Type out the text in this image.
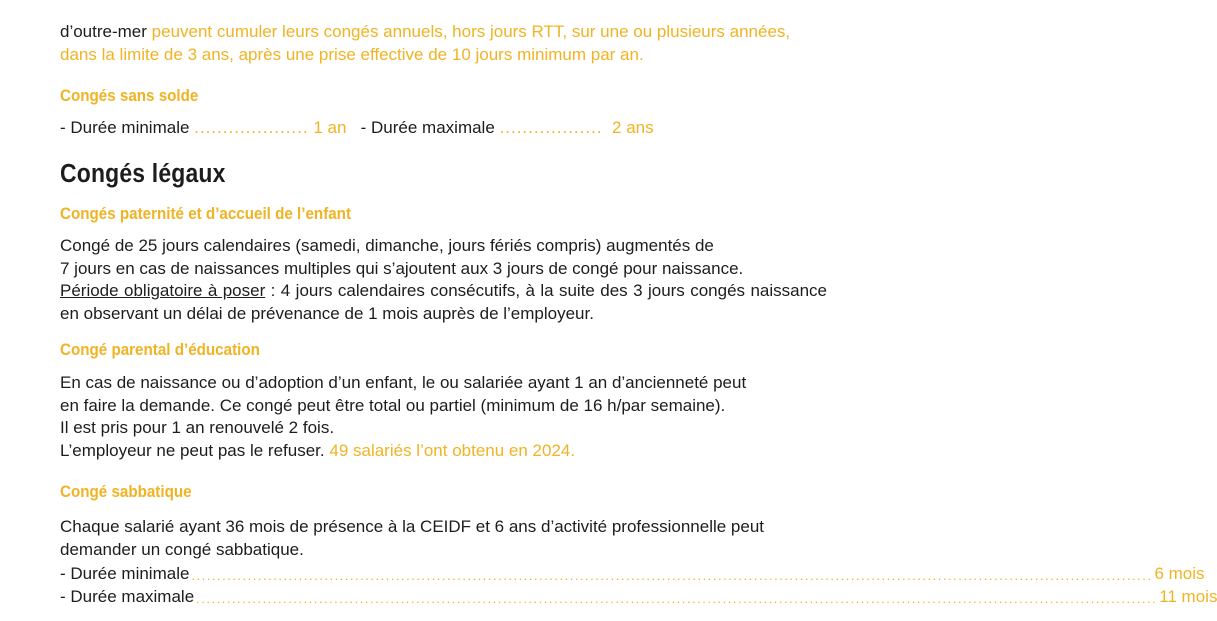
d’outre-mer peuvent cumuler leurs congés annuels, hors jours RTT, sur une ou plusieurs années,
dans la limite de 3 ans, après une prise effective de 10 jours minimum par an.
Congés sans solde
- Durée minimale .................... 1 an - Durée maximale .................. 2 ans
Congés légaux
Congés paternité et d’accueil de l’enfant
Congé de 25 jours calendaires (samedi, dimanche, jours fériés compris) augmentés de
7 jours en cas de naissances multiples qui s’ajoutent aux 3 jours de congé pour naissance.
Période obligatoire à poser : 4 jours calendaires consécutifs, à la suite des 3 jours congés naissance en observant un délai de prévenance de 1 mois auprès de l’employeur.
Congé parental d’éducation
En cas de naissance ou d’adoption d’un enfant, le ou salariée ayant 1 an d’ancienneté peut
en faire la demande. Ce congé peut être total ou partiel (minimum de 16 h/par semaine).
Il est pris pour 1 an renouvelé 2 fois.
L’employeur ne peut pas le refuser. 49 salariés l’ont obtenu en 2024.
Congé sabbatique
Chaque salarié ayant 36 mois de présence à la CEIDF et 6 ans d’activité professionnelle peut
demander un congé sabbatique.
- Durée minimale ............................................................................................................................................................................................ 6 mois
- Durée maximale ............................................................................................................................................................................................ 11 mois
